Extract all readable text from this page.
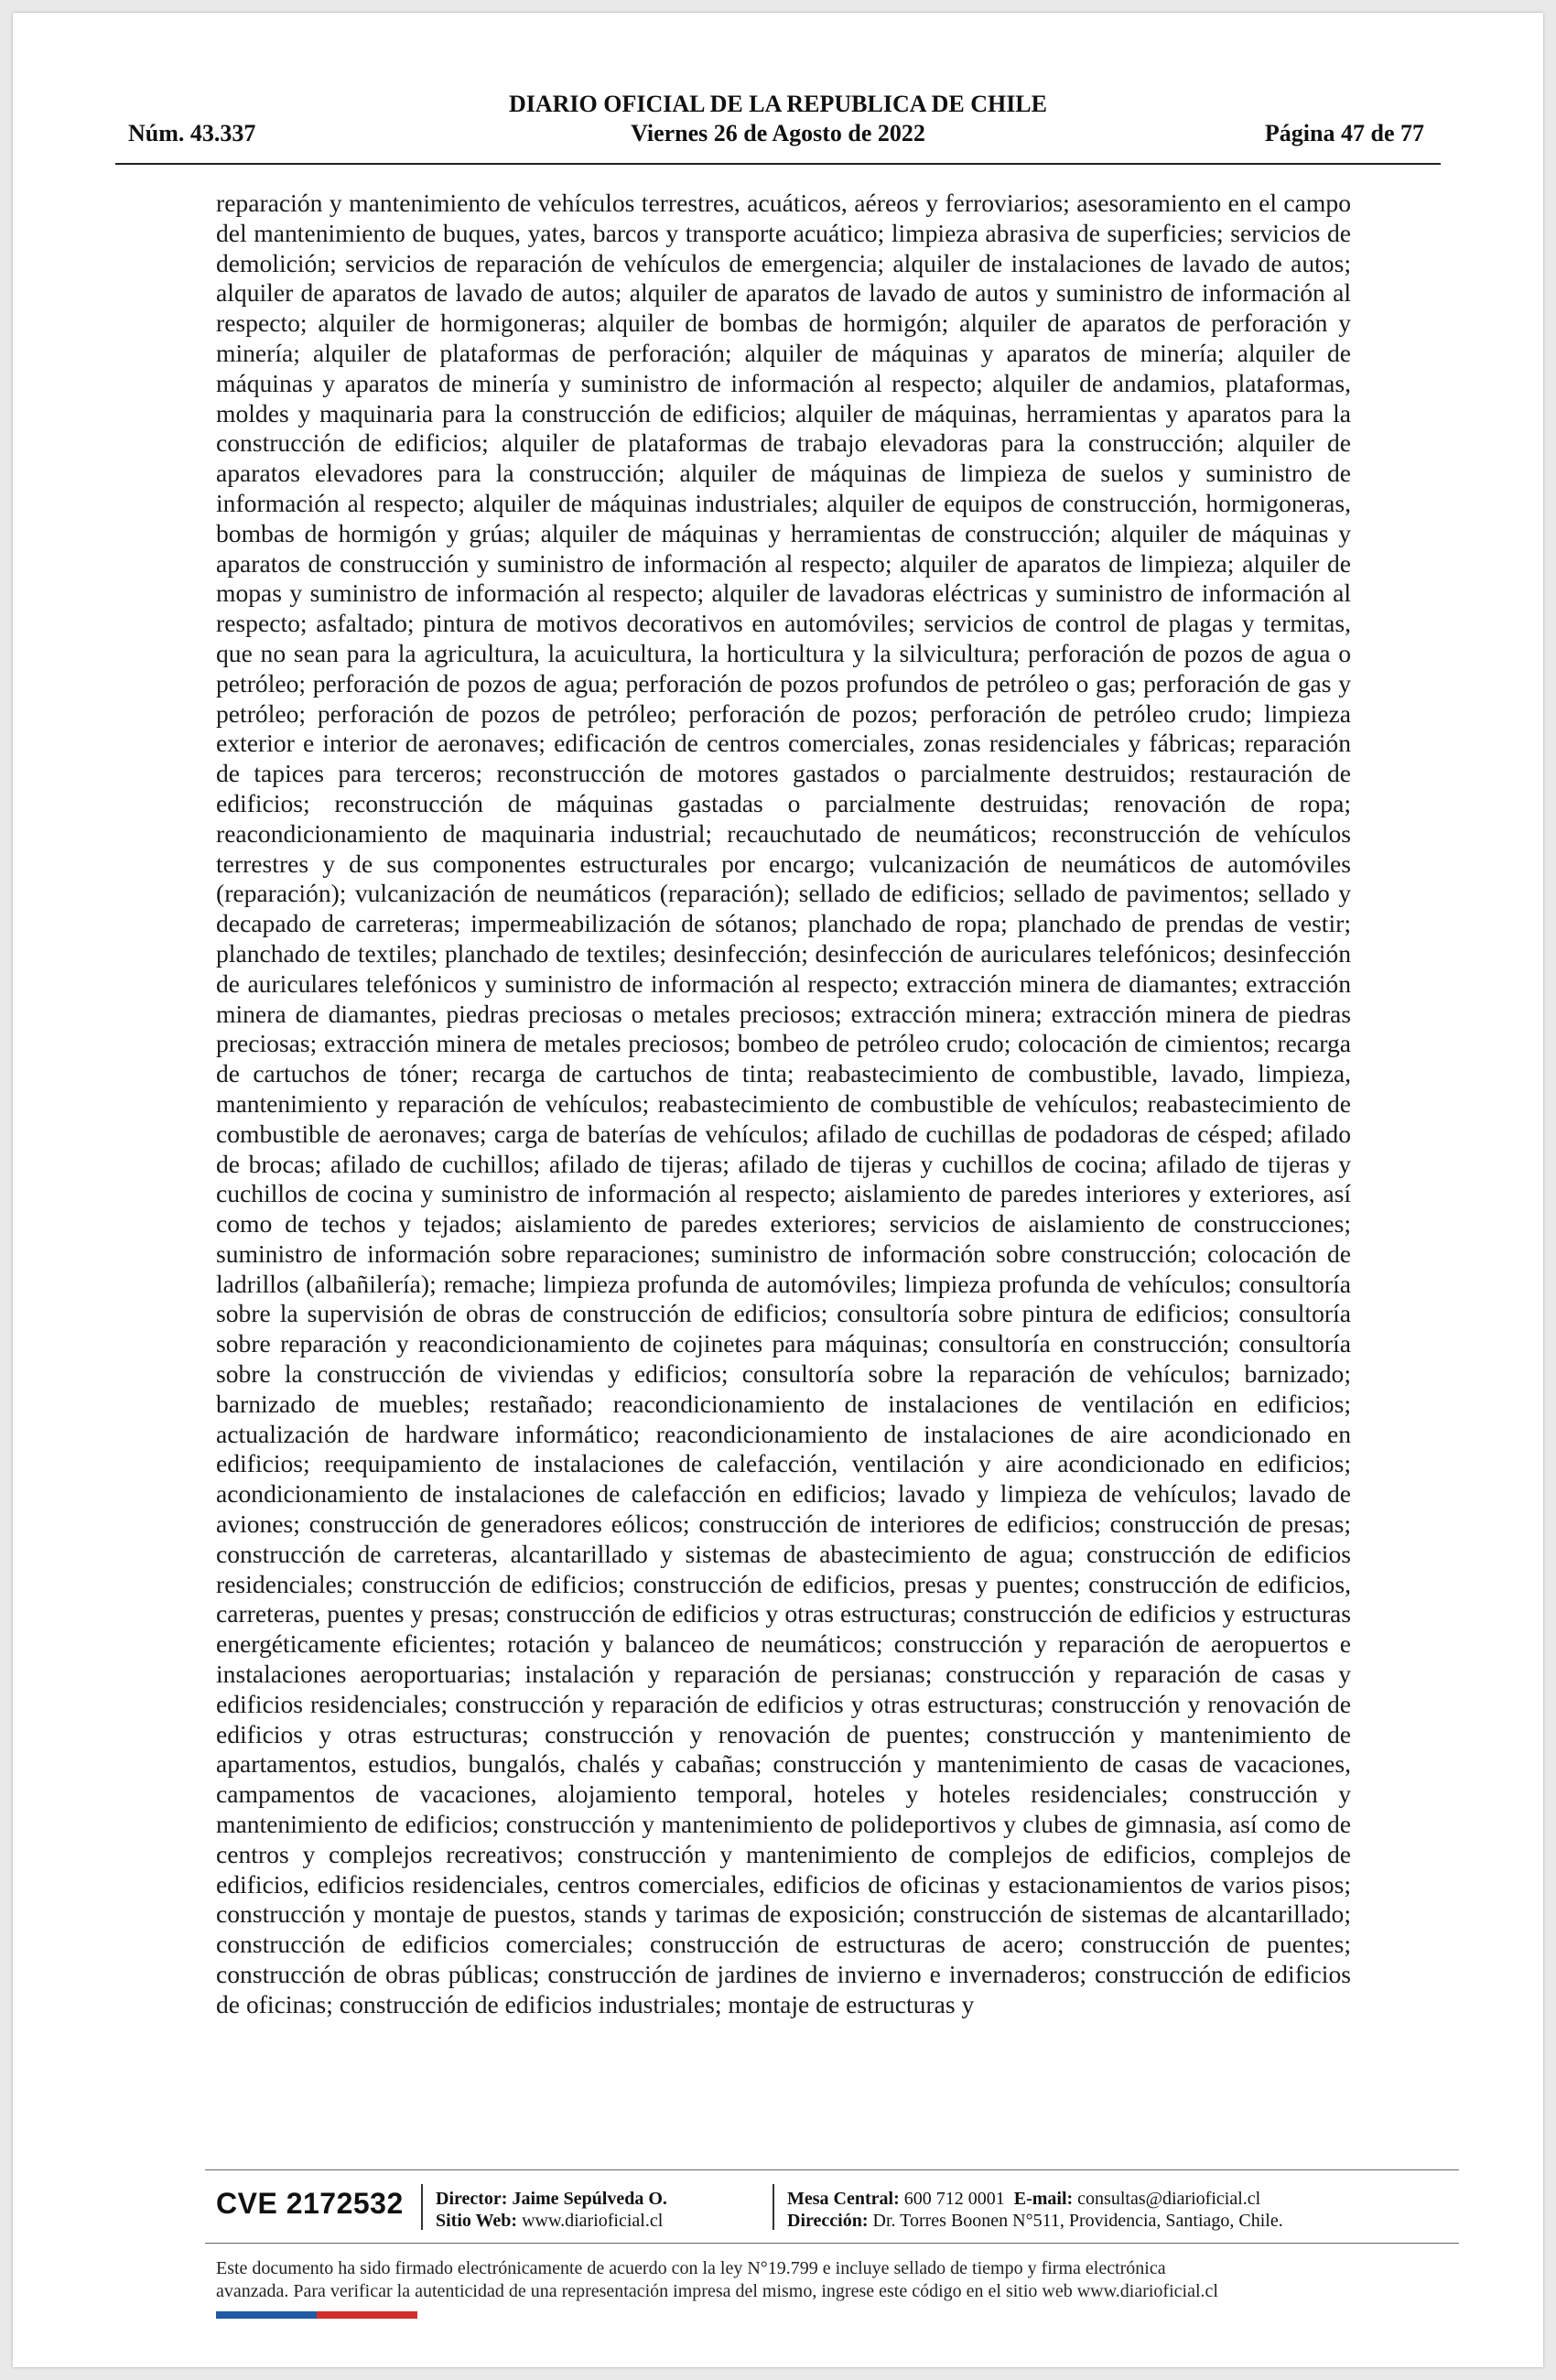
DIARIO OFICIAL DE LA REPUBLICA DE CHILE
Viernes 26 de Agosto de 2022
Núm. 43.337	Página 47 de 77
reparación y mantenimiento de vehículos terrestres, acuáticos, aéreos y ferroviarios; asesoramiento en el campo del mantenimiento de buques, yates, barcos y transporte acuático; limpieza abrasiva de superficies; servicios de demolición; servicios de reparación de vehículos de emergencia; alquiler de instalaciones de lavado de autos; alquiler de aparatos de lavado de autos; alquiler de aparatos de lavado de autos y suministro de información al respecto; alquiler de hormigoneras; alquiler de bombas de hormigón; alquiler de aparatos de perforación y minería; alquiler de plataformas de perforación; alquiler de máquinas y aparatos de minería; alquiler de máquinas y aparatos de minería y suministro de información al respecto; alquiler de andamios, plataformas, moldes y maquinaria para la construcción de edificios; alquiler de máquinas, herramientas y aparatos para la construcción de edificios; alquiler de plataformas de trabajo elevadoras para la construcción; alquiler de aparatos elevadores para la construcción; alquiler de máquinas de limpieza de suelos y suministro de información al respecto; alquiler de máquinas industriales; alquiler de equipos de construcción, hormigoneras, bombas de hormigón y grúas; alquiler de máquinas y herramientas de construcción; alquiler de máquinas y aparatos de construcción y suministro de información al respecto; alquiler de aparatos de limpieza; alquiler de mopas y suministro de información al respecto; alquiler de lavadoras eléctricas y suministro de información al respecto; asfaltado; pintura de motivos decorativos en automóviles; servicios de control de plagas y termitas, que no sean para la agricultura, la acuicultura, la horticultura y la silvicultura; perforación de pozos de agua o petróleo; perforación de pozos de agua; perforación de pozos profundos de petróleo o gas; perforación de gas y petróleo; perforación de pozos de petróleo; perforación de pozos; perforación de petróleo crudo; limpieza exterior e interior de aeronaves; edificación de centros comerciales, zonas residenciales y fábricas; reparación de tapices para terceros; reconstrucción de motores gastados o parcialmente destruidos; restauración de edificios; reconstrucción de máquinas gastadas o parcialmente destruidas; renovación de ropa; reacondicionamiento de maquinaria industrial; recauchutado de neumáticos; reconstrucción de vehículos terrestres y de sus componentes estructurales por encargo; vulcanización de neumáticos de automóviles (reparación); vulcanización de neumáticos (reparación); sellado de edificios; sellado de pavimentos; sellado y decapado de carreteras; impermeabilización de sótanos; planchado de ropa; planchado de prendas de vestir; planchado de textiles; planchado de textiles; desinfección; desinfección de auriculares telefónicos; desinfección de auriculares telefónicos y suministro de información al respecto; extracción minera de diamantes; extracción minera de diamantes, piedras preciosas o metales preciosos; extracción minera; extracción minera de piedras preciosas; extracción minera de metales preciosos; bombeo de petróleo crudo; colocación de cimientos; recarga de cartuchos de tóner; recarga de cartuchos de tinta; reabastecimiento de combustible, lavado, limpieza, mantenimiento y reparación de vehículos; reabastecimiento de combustible de vehículos; reabastecimiento de combustible de aeronaves; carga de baterías de vehículos; afilado de cuchillas de podadoras de césped; afilado de brocas; afilado de cuchillos; afilado de tijeras; afilado de tijeras y cuchillos de cocina; afilado de tijeras y cuchillos de cocina y suministro de información al respecto; aislamiento de paredes interiores y exteriores, así como de techos y tejados; aislamiento de paredes exteriores; servicios de aislamiento de construcciones; suministro de información sobre reparaciones; suministro de información sobre construcción; colocación de ladrillos (albañilería); remache; limpieza profunda de automóviles; limpieza profunda de vehículos; consultoría sobre la supervisión de obras de construcción de edificios; consultoría sobre pintura de edificios; consultoría sobre reparación y reacondicionamiento de cojinetes para máquinas; consultoría en construcción; consultoría sobre la construcción de viviendas y edificios; consultoría sobre la reparación de vehículos; barnizado; barnizado de muebles; restañado; reacondicionamiento de instalaciones de ventilación en edificios; actualización de hardware informático; reacondicionamiento de instalaciones de aire acondicionado en edificios; reequipamiento de instalaciones de calefacción, ventilación y aire acondicionado en edificios; acondicionamiento de instalaciones de calefacción en edificios; lavado y limpieza de vehículos; lavado de aviones; construcción de generadores eólicos; construcción de interiores de edificios; construcción de presas; construcción de carreteras, alcantarillado y sistemas de abastecimiento de agua; construcción de edificios residenciales; construcción de edificios; construcción de edificios, presas y puentes; construcción de edificios, carreteras, puentes y presas; construcción de edificios y otras estructuras; construcción de edificios y estructuras energéticamente eficientes; rotación y balanceo de neumáticos; construcción y reparación de aeropuertos e instalaciones aeroportuarias; instalación y reparación de persianas; construcción y reparación de casas y edificios residenciales; construcción y reparación de edificios y otras estructuras; construcción y renovación de edificios y otras estructuras; construcción y renovación de puentes; construcción y mantenimiento de apartamentos, estudios, bungalós, chalés y cabañas; construcción y mantenimiento de casas de vacaciones, campamentos de vacaciones, alojamiento temporal, hoteles y hoteles residenciales; construcción y mantenimiento de edificios; construcción y mantenimiento de polideportivos y clubes de gimnasia, así como de centros y complejos recreativos; construcción y mantenimiento de complejos de edificios, complejos de edificios, edificios residenciales, centros comerciales, edificios de oficinas y estacionamientos de varios pisos; construcción y montaje de puestos, stands y tarimas de exposición; construcción de sistemas de alcantarillado; construcción de edificios comerciales; construcción de estructuras de acero; construcción de puentes; construcción de obras públicas; construcción de jardines de invierno e invernaderos; construcción de edificios de oficinas; construcción de edificios industriales; montaje de estructuras y
CVE 2172532 Director: Jaime Sepúlveda O.
Sitio Web: www.diarioficial.cl
Mesa Central: 600 712 0001 E-mail: consultas@diarioficial.cl
Dirección: Dr. Torres Boonen N°511, Providencia, Santiago, Chile.
Este documento ha sido firmado electrónicamente de acuerdo con la ley N°19.799 e incluye sellado de tiempo y firma electrónica
avanzada. Para verificar la autenticidad de una representación impresa del mismo, ingrese este código en el sitio web www.diarioficial.cl
